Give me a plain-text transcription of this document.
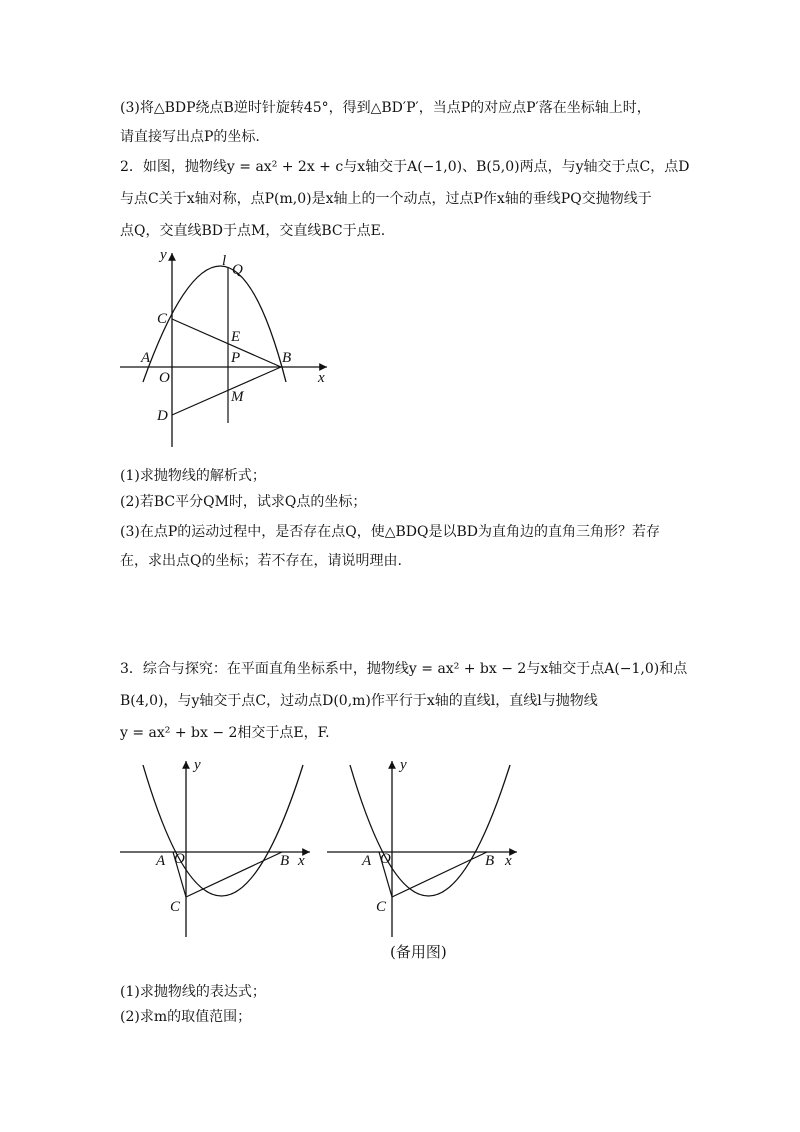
(3)将△BDP绕点B逆时针旋转45°，得到△BD′P′，当点P的对应点P′落在坐标轴上时，
请直接写出点P的坐标.
2．如图，抛物线y = ax² + 2x + c与x轴交于A(−1,0)、B(5,0)两点，与y轴交于点C，点D
与点C关于x轴对称，点P(m,0)是x轴上的一个动点，过点P作x轴的垂线PQ交抛物线于
点Q，交直线BD于点M，交直线BC于点E.
y	l
Q
C
E
A	P	B
O	x
D
M
(1)求抛物线的解析式；
(2)若BC平分QM时，试求Q点的坐标；
(3)在点P的运动过程中，是否存在点Q，使△BDQ是以BD为直角边的直角三角形？若存
在，求出点Q的坐标；若不存在，请说明理由.
3．综合与探究：在平面直角坐标系中，抛物线y = ax² + bx − 2与x轴交于点A(−1,0)和点
B(4,0)，与y轴交于点C，过动点D(0,m)作平行于x轴的直线l，直线l与抛物线
y = ax² + bx − 2相交于点E，F.
y
A O	B x
C
y
A O	B x
C
(备用图)
(1)求抛物线的表达式；
(2)求m的取值范围；
